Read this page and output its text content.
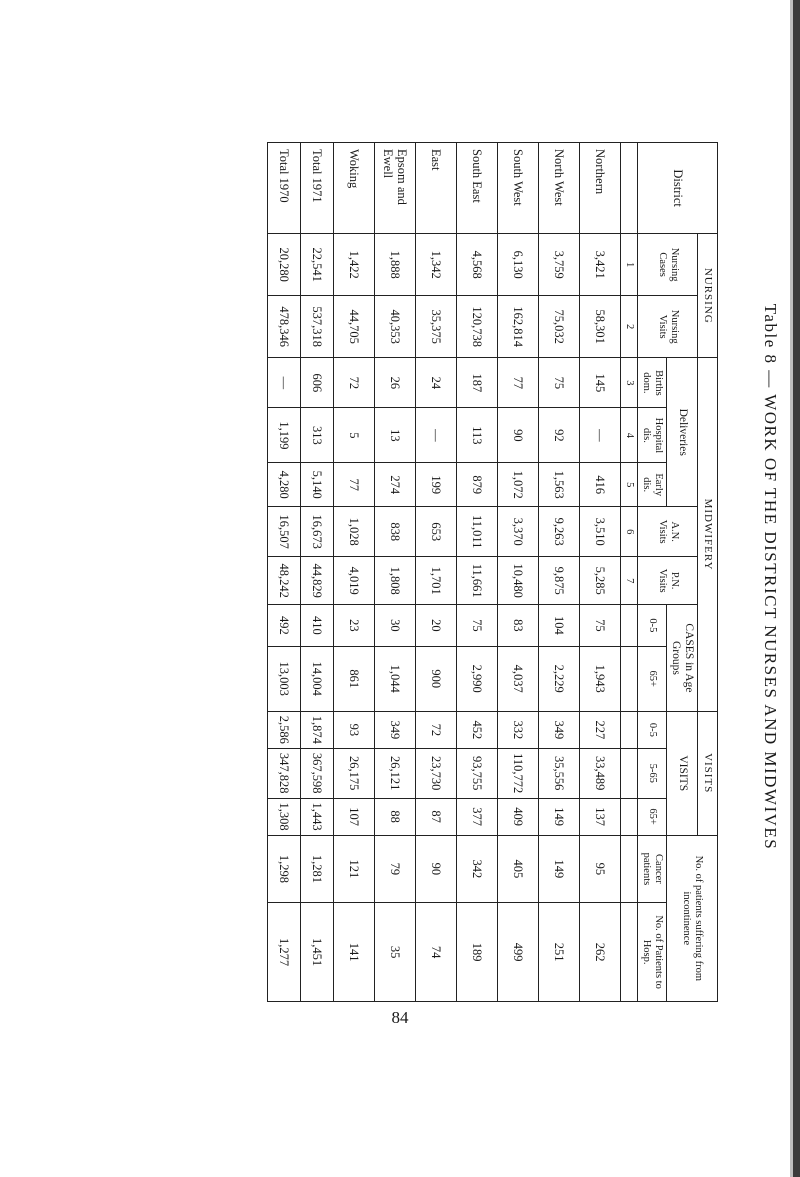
Table 8 — WORK OF THE DISTRICT NURSES AND MIDWIVES
District	NURSING		MIDWIFERY							VISITS			No. of patients suffering from incontinence	
	Nursing Cases	Nursing Visits	Deliveries			A.N. Visits	P.N. Visits	CASES in Age Groups		VISITS				
			Births dom.	Hospital dis.	Early dis.			0-5	65+	0-5	5-65	65+	Cancer patients	No. of Patients to Hosp.
	1	2	3	4	5	6	7							
Northern	3,421	58,301	145	—	416	3,510	5,285	75	1,943	227	33,489	137	95	262
North West	3,759	75,032	75	92	1,563	9,263	9,875	104	2,229	349	35,556	149	149	251
South West	6,130	162,814	77	90	1,072	3,370	10,480	83	4,037	332	110,772	409	405	499
South East	4,568	120,738	187	113	879	11,011	11,661	75	2,990	452	93,755	377	342	189
East	1,342	35,375	24	—	199	653	1,701	20	900	72	23,730	87	90	74
Epsom and Ewell	1,888	40,353	26	13	274	838	1,808	30	1,044	349	26,121	88	79	35
Woking	1,422	44,705	72	5	77	1,028	4,019	23	861	93	26,175	107	121	141
Total 1971	22,541	537,318	606	313	5,140	16,673	44,829	410	14,004	1,874	367,598	1,443	1,281	1,451
Total 1970	20,280	478,346	—	1,199	4,280	16,507	48,242	492	13,003	2,586	347,828	1,308	1,298	1,277
84
